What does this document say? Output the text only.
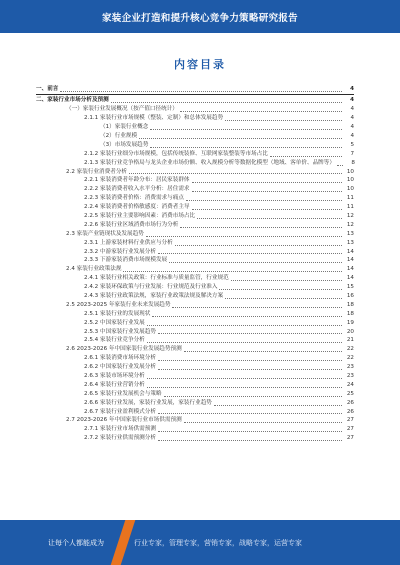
家装企业打造和提升核心竞争力策略研究报告
内容目录
一、前言	4
二、家装行业市场分析及预测	4
（一）家装行业发展概况（按产值口径统计）	4
2.1.1 家装行业市场规模（整装、定制）和总体发展趋势	4
（1）家装行业概念	4
（2）行业规模	4
（3）市场发展趋势	5
2.1.2 家装行业细分市场规模，包括传统装修、互联网家装整装等市场占比	7
2.1.3 家装行业竞争格局与龙头企业市场份额、收入规模分析等数据化模型（地域、客单价、品牌等）	8
2.2 家装行业消费者分析	10
2.2.1 家装消费者年龄分布：居民家装群体	10
2.2.2 家装消费者收入水平分析：居住需求	10
2.2.3 家装消费者价格：消费需求与痛点	11
2.2.4 家装消费者价格敏感度：消费者主导	11
2.2.5 家装行业主要影响因素：消费市场占比	12
2.2.6 家装行业区域消费市场行为分析	12
2.3 家装产业链现状及发展趋势	13
2.3.1 上游家装材料行业供应与分析	13
2.3.2 中游家装行业发展分析	14
2.3.3 下游家装消费市场规模发展	14
2.4 家装行业政策法规	14
2.4.1 家装行业相关政策：行业标准与质量监管，行业规范	14
2.4.2 家装环保政策与行业发展：行业规范及行业准入	15
2.4.3 家装行业政策法规，家装行业政策法规及解决方案	16
2.5 2023-2025 年家装行业未来发展趋势	18
2.5.1 家装行业的发展现状	18
2.5.2 中国家装行业发展	19
2.5.3 中国家装行业发展趋势	20
2.5.4 家装行业竞争分析	21
2.6 2023-2026 年中国家装行业发展趋势预测	22
2.6.1 家装消费市场环境分析	22
2.6.2 中国家装行业发展分析	23
2.6.3 家装市场环境分析	23
2.6.4 家装行业营销分析	24
2.6.5 家装行业发展机会与策略	25
2.6.6 家装行业发展，家装行业发展，家装行业趋势	26
2.6.7 家装行业盈利模式分析	26
2.7 2023-2026 年中国家装行业市场供需预测	27
2.7.1 家装行业市场供需预测	27
2.7.2 家装行业供需预测分析	27
让每个人都能成为	行业专家，管理专家，营销专家，战略专家，运营专家
